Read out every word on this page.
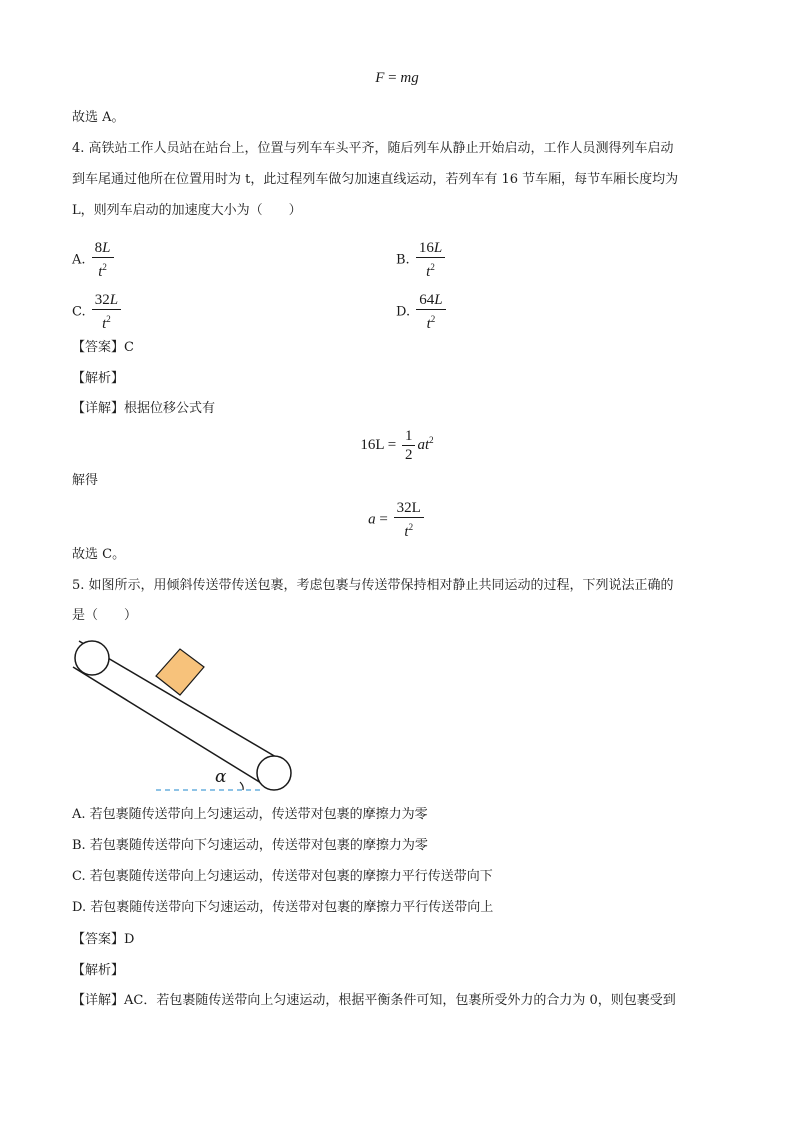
F = mg
故选 A。
4. 高铁站工作人员站在站台上，位置与列车车头平齐，随后列车从静止开始启动，工作人员测得列车启动
到车尾通过他所在位置用时为 t，此过程列车做匀加速直线运动，若列车有 16 节车厢，每节车厢长度均为
L，则列车启动的加速度大小为（　　）
A. $\frac{8L}{t^2}$	B. $\frac{16L}{t^2}$
C. $\frac{32L}{t^2}$	D. $\frac{64L}{t^2}$
【答案】C
【解析】
【详解】根据位移公式有
$16L = \frac{1}{2} at^2$
解得
$a = \frac{32L}{t^2}$
故选 C。
5. 如图所示，用倾斜传送带传送包裹，考虑包裹与传送带保持相对静止共同运动的过程，下列说法正确的
是（　　）
α
A. 若包裹随传送带向上匀速运动，传送带对包裹的摩擦力为零
B. 若包裹随传送带向下匀速运动，传送带对包裹的摩擦力为零
C. 若包裹随传送带向上匀速运动，传送带对包裹的摩擦力平行传送带向下
D. 若包裹随传送带向下匀速运动，传送带对包裹的摩擦力平行传送带向上
【答案】D
【解析】
【详解】AC．若包裹随传送带向上匀速运动，根据平衡条件可知，包裹所受外力的合力为 0，则包裹受到
